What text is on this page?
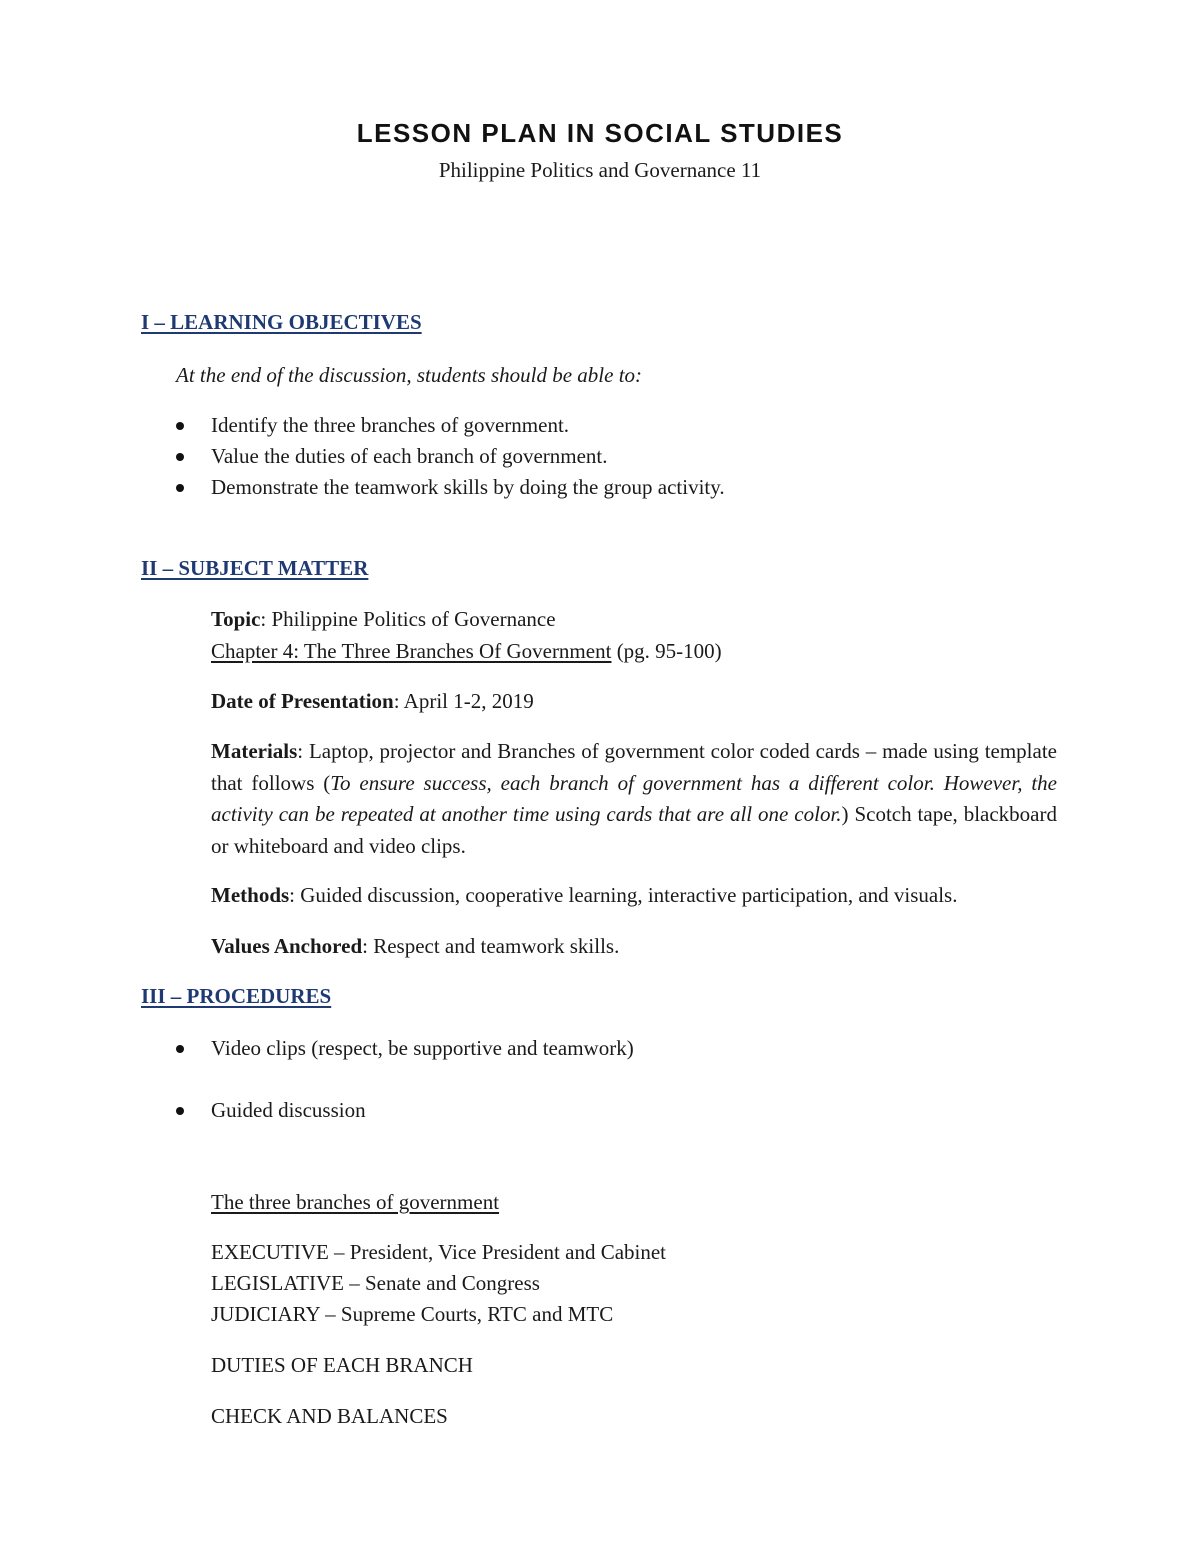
LESSON PLAN IN SOCIAL STUDIES
Philippine Politics and Governance 11
I – LEARNING OBJECTIVES
At the end of the discussion, students should be able to:
Identify the three branches of government.
Value the duties of each branch of government.
Demonstrate the teamwork skills by doing the group activity.
II – SUBJECT MATTER
Topic: Philippine Politics of Governance
Chapter 4: The Three Branches Of Government (pg. 95-100)
Date of Presentation: April 1-2, 2019
Materials: Laptop, projector and Branches of government color coded cards – made using template that follows (To ensure success, each branch of government has a different color. However, the activity can be repeated at another time using cards that are all one color.) Scotch tape, blackboard or whiteboard and video clips.
Methods: Guided discussion, cooperative learning, interactive participation, and visuals.
Values Anchored: Respect and teamwork skills.
III – PROCEDURES
Video clips (respect, be supportive and teamwork)
Guided discussion
The three branches of government
EXECUTIVE – President, Vice President and Cabinet
LEGISLATIVE – Senate and Congress
JUDICIARY – Supreme Courts, RTC and MTC
DUTIES OF EACH BRANCH
CHECK AND BALANCES
